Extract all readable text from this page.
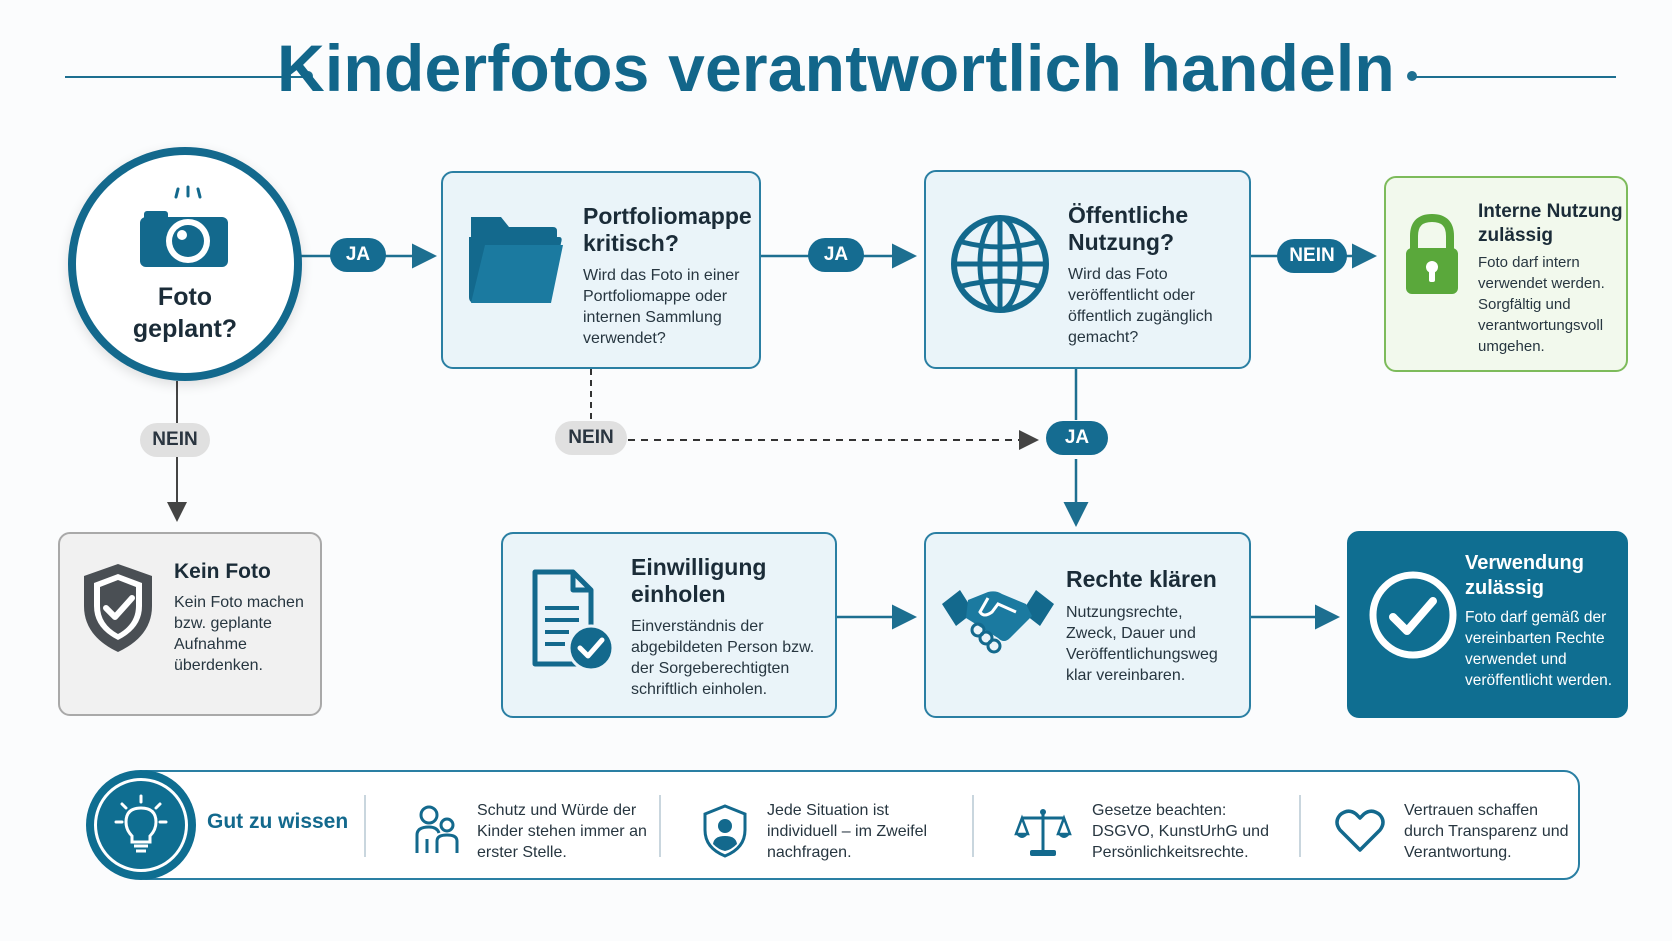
Kinderfotos verantwortlich handeln
Foto
geplant?
JA	JA	NEIN
NEIN	NEIN	JA
Portfoliomappe kritisch?
Wird das Foto in einer Portfoliomappe oder internen Sammlung verwendet?
Öffentliche Nutzung?
Wird das Foto veröffentlicht oder öffentlich zugänglich gemacht?
Interne Nutzung zulässig
Foto darf intern verwendet werden. Sorgfältig und verantwortungsvoll umgehen.
Kein Foto
Kein Foto machen bzw. geplante Aufnahme überdenken.
Einwilligung einholen
Einverständnis der abgebildeten Person bzw. der Sorgeberechtigten schriftlich einholen.
Rechte klären
Nutzungsrechte, Zweck, Dauer und Veröffentlichungsweg klar vereinbaren.
Verwendung zulässig
Foto darf gemäß der vereinbarten Rechte verwendet und veröffentlicht werden.
Gut zu wissen	Schutz und Würde der Kinder stehen immer an erster Stelle.
Jede Situation ist individuell – im Zweifel nachfragen.
Gesetze beachten: DSGVO, KunstUrhG und Persönlichkeitsrechte.
Vertrauen schaffen durch Transparenz und Verantwortung.
